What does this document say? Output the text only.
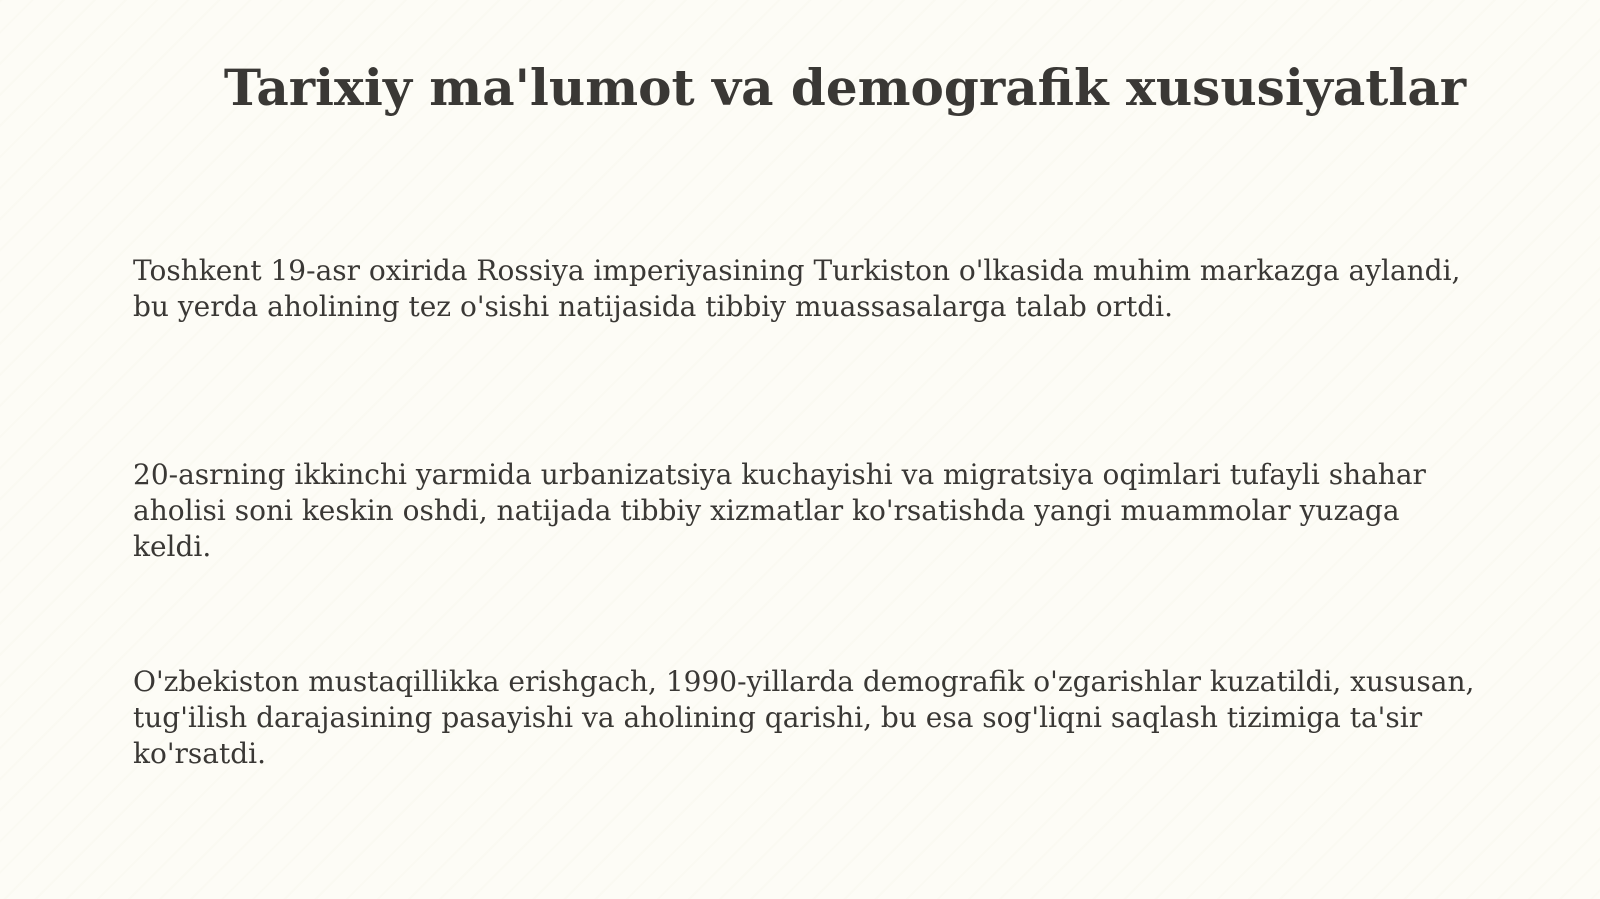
Tarixiy ma'lumot va demografik xususiyatlar
Toshkent 19-asr oxirida Rossiya imperiyasining Turkiston o'lkasida muhim markazga aylandi, bu yerda aholining tez o'sishi natijasida tibbiy muassasalarga talab ortdi.
20-asrning ikkinchi yarmida urbanizatsiya kuchayishi va migratsiya oqimlari tufayli shahar aholisi soni keskin oshdi, natijada tibbiy xizmatlar ko'rsatishda yangi muammolar yuzaga keldi.
O'zbekiston mustaqillikka erishgach, 1990-yillarda demografik o'zgarishlar kuzatildi, xususan, tug'ilish darajasining pasayishi va aholining qarishi, bu esa sog'liqni saqlash tizimiga ta'sir ko'rsatdi.
